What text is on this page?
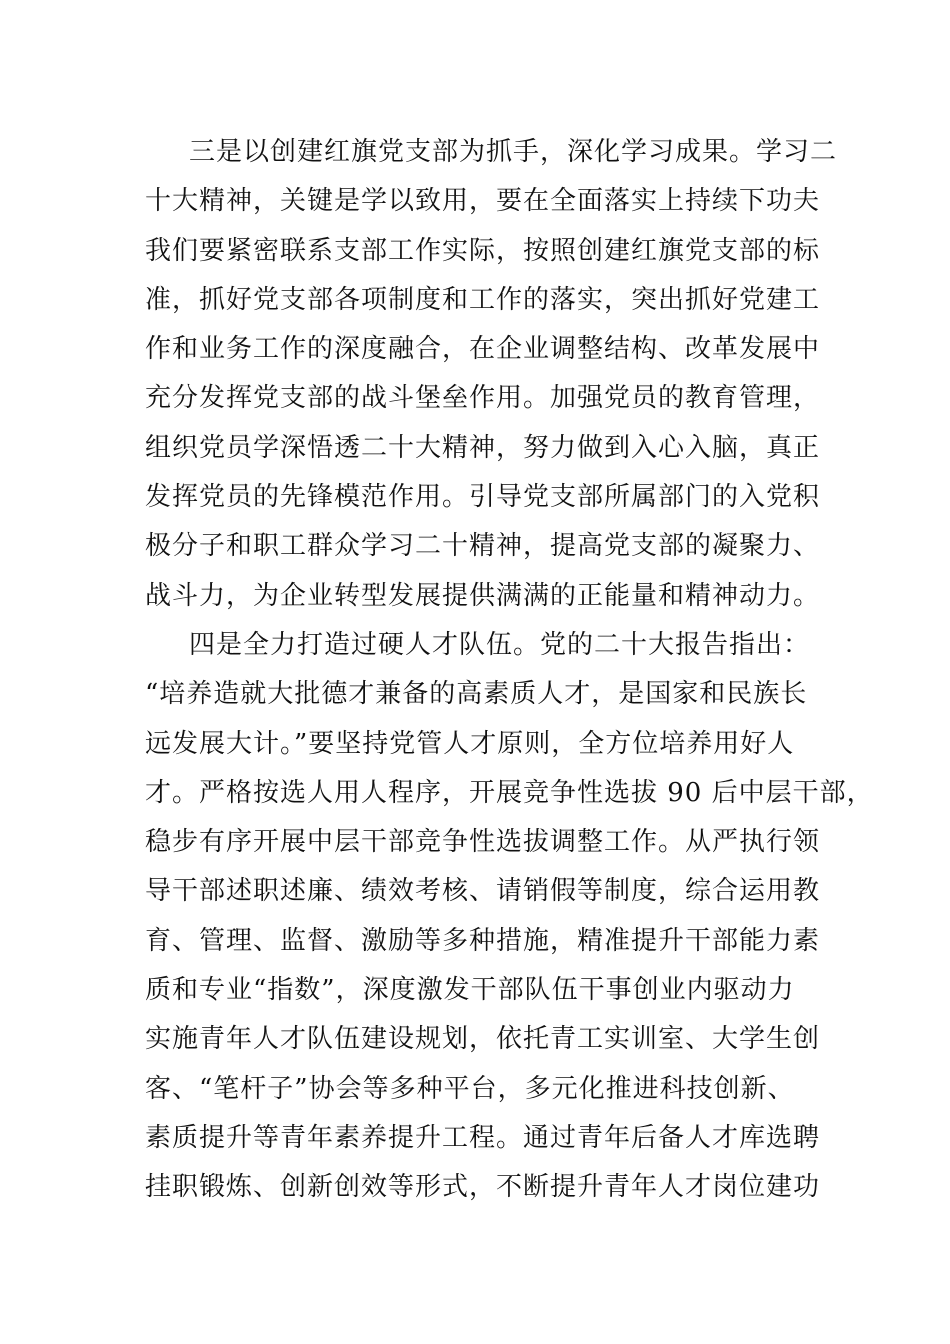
三是以创建红旗党支部为抓手，深化学习成果。学习二
十大精神，关键是学以致用，要在全面落实上持续下功夫
我们要紧密联系支部工作实际，按照创建红旗党支部的标
准，抓好党支部各项制度和工作的落实，突出抓好党建工
作和业务工作的深度融合，在企业调整结构、改革发展中
充分发挥党支部的战斗堡垒作用。加强党员的教育管理，
组织党员学深悟透二十大精神，努力做到入心入脑，真正
发挥党员的先锋模范作用。引导党支部所属部门的入党积
极分子和职工群众学习二十精神，提高党支部的凝聚力、
战斗力，为企业转型发展提供满满的正能量和精神动力。
四是全力打造过硬人才队伍。党的二十大报告指出：
“培养造就大批德才兼备的高素质人才，是国家和民族长
远发展大计。”要坚持党管人才原则，全方位培养用好人
才。严格按选人用人程序，开展竞争性选拔 90 后中层干部，
稳步有序开展中层干部竞争性选拔调整工作。从严执行领
导干部述职述廉、绩效考核、请销假等制度，综合运用教
育、管理、监督、激励等多种措施，精准提升干部能力素
质和专业“指数”，深度激发干部队伍干事创业内驱动力
实施青年人才队伍建设规划，依托青工实训室、大学生创
客、“笔杆子”协会等多种平台，多元化推进科技创新、
素质提升等青年素养提升工程。通过青年后备人才库选聘
挂职锻炼、创新创效等形式，不断提升青年人才岗位建功
